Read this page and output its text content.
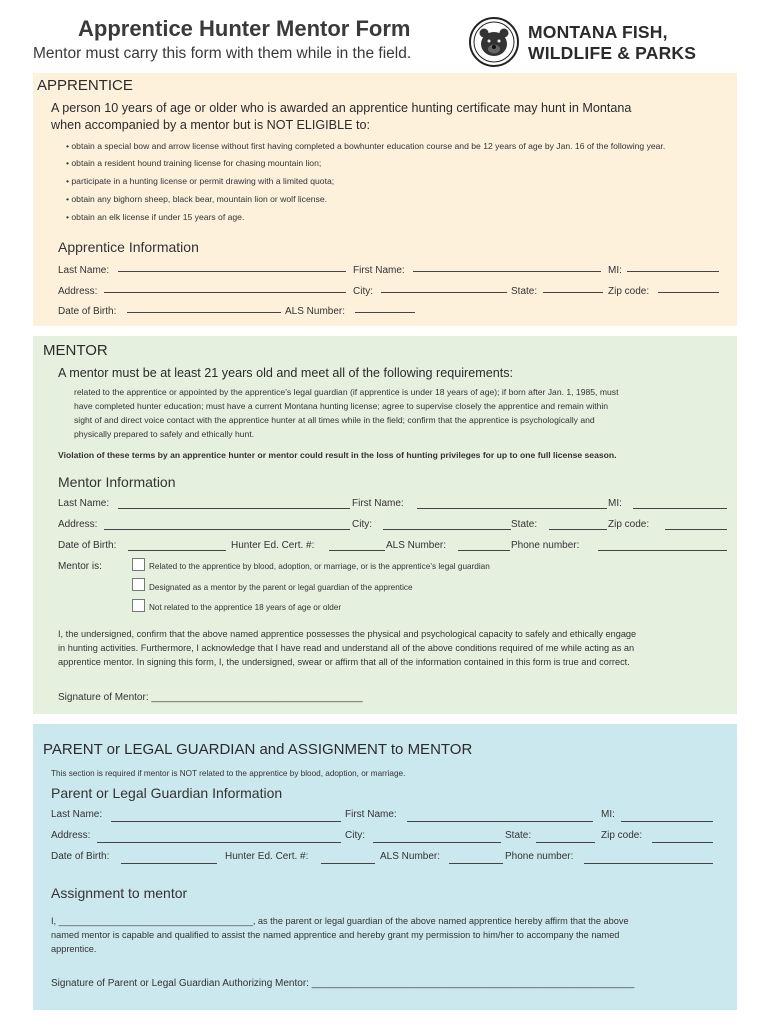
Apprentice Hunter Mentor Form
Mentor must carry this form with them while in the field.
MONTANA FISH,
WILDLIFE & PARKS
APPRENTICE
A person 10 years of age or older who is awarded an apprentice hunting certificate may hunt in Montana
when accompanied by a mentor but is NOT ELIGIBLE to:
• obtain a special bow and arrow license without first having completed a bowhunter education course and be 12 years of age by Jan. 16 of the following year.
• obtain a resident hound training license for chasing mountain lion;
• participate in a hunting license or permit drawing with a limited quota;
• obtain any bighorn sheep, black bear, mountain lion or wolf license.
• obtain an elk license if under 15 years of age.
Apprentice Information
Last Name:	First Name:	MI:
Address:	City:	State:	Zip code:
Date of Birth:	ALS Number:
MENTOR
A mentor must be at least 21 years old and meet all of the following requirements:
related to the apprentice or appointed by the apprentice’s legal guardian (if apprentice is under 18 years of age); if born after Jan. 1, 1985, must
have completed hunter education; must have a current Montana hunting license; agree to supervise closely the apprentice and remain within
sight of and direct voice contact with the apprentice hunter at all times while in the field; confirm that the apprentice is psychologically and
physically prepared to safely and ethically hunt.
Violation of these terms by an apprentice hunter or mentor could result in the loss of hunting privileges for up to one full license season.
Mentor Information
Last Name:	First Name:	MI:
Address:	City:	State:	Zip code:
Date of Birth:	Hunter Ed. Cert. #:	ALS Number:	Phone number:
Mentor is:	Related to the apprentice by blood, adoption, or marriage, or is the apprentice’s legal guardian
Designated as a mentor by the parent or legal guardian of the apprentice
Not related to the apprentice 18 years of age or older
I, the undersigned, confirm that the above named apprentice possesses the physical and psychological capacity to safely and ethically engage
in hunting activities. Furthermore, I acknowledge that I have read and understand all of the above conditions required of me while acting as an
apprentice mentor. In signing this form, I, the undersigned, swear or affirm that all of the information contained in this form is true and correct.
Signature of Mentor: ______________________________________
PARENT or LEGAL GUARDIAN and ASSIGNMENT to MENTOR
This section is required if mentor is NOT related to the apprentice by blood, adoption, or marriage.
Parent or Legal Guardian Information
Last Name:	First Name:	MI:
Address:	City:	State:	Zip code:
Date of Birth:	Hunter Ed. Cert. #:	ALS Number:	Phone number:
Assignment to mentor
I, ______________________________________, as the parent or legal guardian of the above named apprentice hereby affirm that the above
named mentor is capable and qualified to assist the named apprentice and hereby grant my permission to him/her to accompany the named
apprentice.
Signature of Parent or Legal Guardian Authorizing Mentor: __________________________________________________________
